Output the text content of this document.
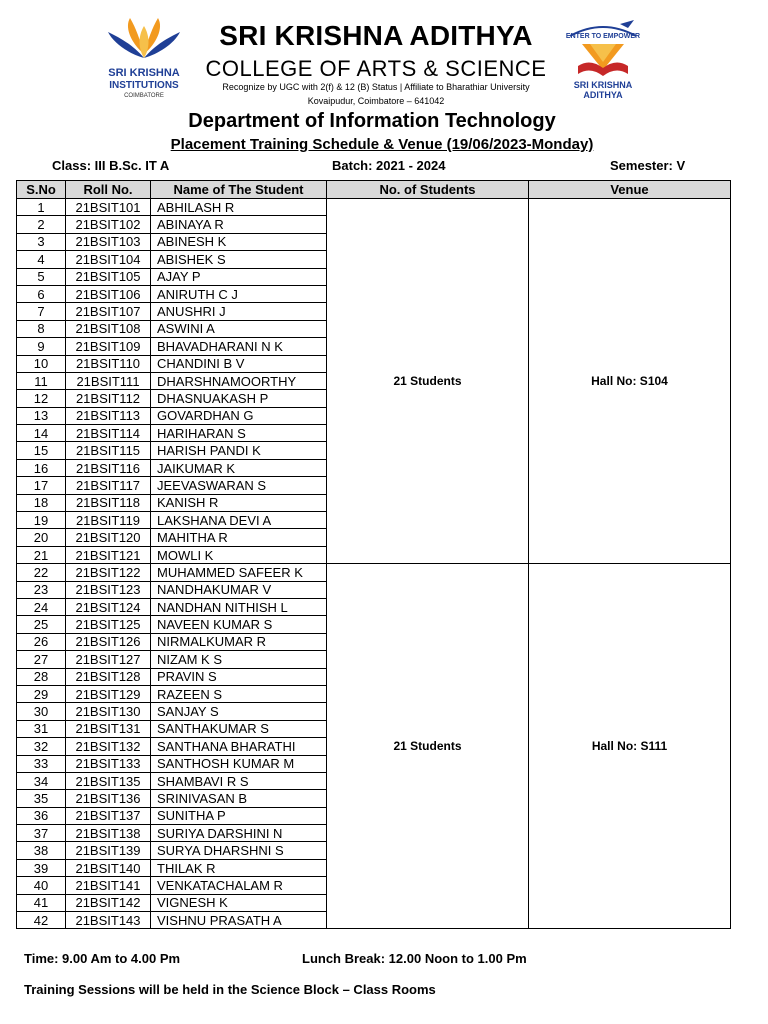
SRI KRISHNA
INSTITUTIONS
COIMBATORE
SRI KRISHNA ADITHYA
COLLEGE OF ARTS & SCIENCE
Recognize by UGC with 2(f) & 12 (B) Status | Affiliate to Bharathiar University
Kovaipudur, Coimbatore – 641042
ENTER TO EMPOWER
SRI KRISHNA
ADITHYA
Department of Information Technology
Placement Training Schedule & Venue (19/06/2023-Monday)
Class: III B.Sc. IT A	Batch: 2021 - 2024	Semester: V
S.No	Roll No.	Name of The Student	No. of Students	Venue
1	21BSIT101	ABHILASH R	21 Students	Hall No: S104
2	21BSIT102	ABINAYA R		
3	21BSIT103	ABINESH K		
4	21BSIT104	ABISHEK S		
5	21BSIT105	AJAY P		
6	21BSIT106	ANIRUTH C J		
7	21BSIT107	ANUSHRI J		
8	21BSIT108	ASWINI A		
9	21BSIT109	BHAVADHARANI N K		
10	21BSIT110	CHANDINI B V		
11	21BSIT111	DHARSHNAMOORTHY		
12	21BSIT112	DHASNUAKASH P		
13	21BSIT113	GOVARDHAN G		
14	21BSIT114	HARIHARAN S		
15	21BSIT115	HARISH PANDI K		
16	21BSIT116	JAIKUMAR K		
17	21BSIT117	JEEVASWARAN S		
18	21BSIT118	KANISH R		
19	21BSIT119	LAKSHANA DEVI A		
20	21BSIT120	MAHITHA R		
21	21BSIT121	MOWLI K		
22	21BSIT122	MUHAMMED SAFEER K	21 Students	Hall No: S111
23	21BSIT123	NANDHAKUMAR V		
24	21BSIT124	NANDHAN NITHISH L		
25	21BSIT125	NAVEEN KUMAR S		
26	21BSIT126	NIRMALKUMAR R		
27	21BSIT127	NIZAM K S		
28	21BSIT128	PRAVIN S		
29	21BSIT129	RAZEEN S		
30	21BSIT130	SANJAY S		
31	21BSIT131	SANTHAKUMAR S		
32	21BSIT132	SANTHANA BHARATHI		
33	21BSIT133	SANTHOSH KUMAR M		
34	21BSIT135	SHAMBAVI R S		
35	21BSIT136	SRINIVASAN B		
36	21BSIT137	SUNITHA P		
37	21BSIT138	SURIYA DARSHINI N		
38	21BSIT139	SURYA DHARSHNI S		
39	21BSIT140	THILAK R		
40	21BSIT141	VENKATACHALAM R		
41	21BSIT142	VIGNESH K		
42	21BSIT143	VISHNU PRASATH A		
Time: 9.00 Am to 4.00 Pm	Lunch Break: 12.00 Noon to 1.00 Pm
Training Sessions will be held in the Science Block – Class Rooms
